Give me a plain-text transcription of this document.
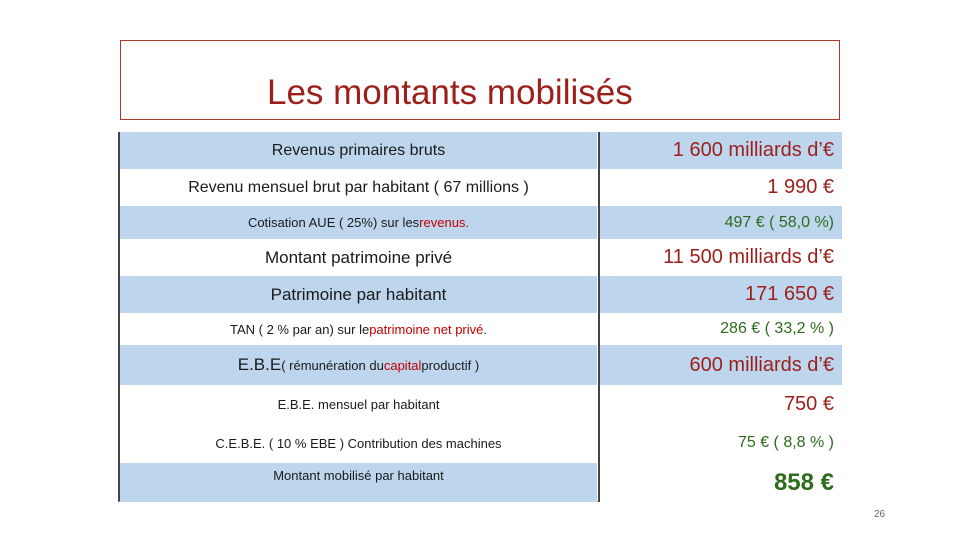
Les montants mobilisés
Revenus primaires bruts	1 600 milliards d’€
Revenu mensuel brut par habitant ( 67 millions )	1 990 €
Cotisation AUE ( 25%) sur les revenus.	497 € ( 58,0 %)
Montant patrimoine privé	11 500 milliards d’€
Patrimoine par habitant	171 650 €
TAN ( 2 % par an) sur le patrimoine net privé .	286 € ( 33,2 % )
E.B.E ( rémunération du capital productif )	600 milliards d’€
E.B.E. mensuel par habitant	750 €
C.E.B.E. ( 10 % EBE ) Contribution des machines	75 € ( 8,8 % )
Montant mobilisé par habitant	858 €
26
